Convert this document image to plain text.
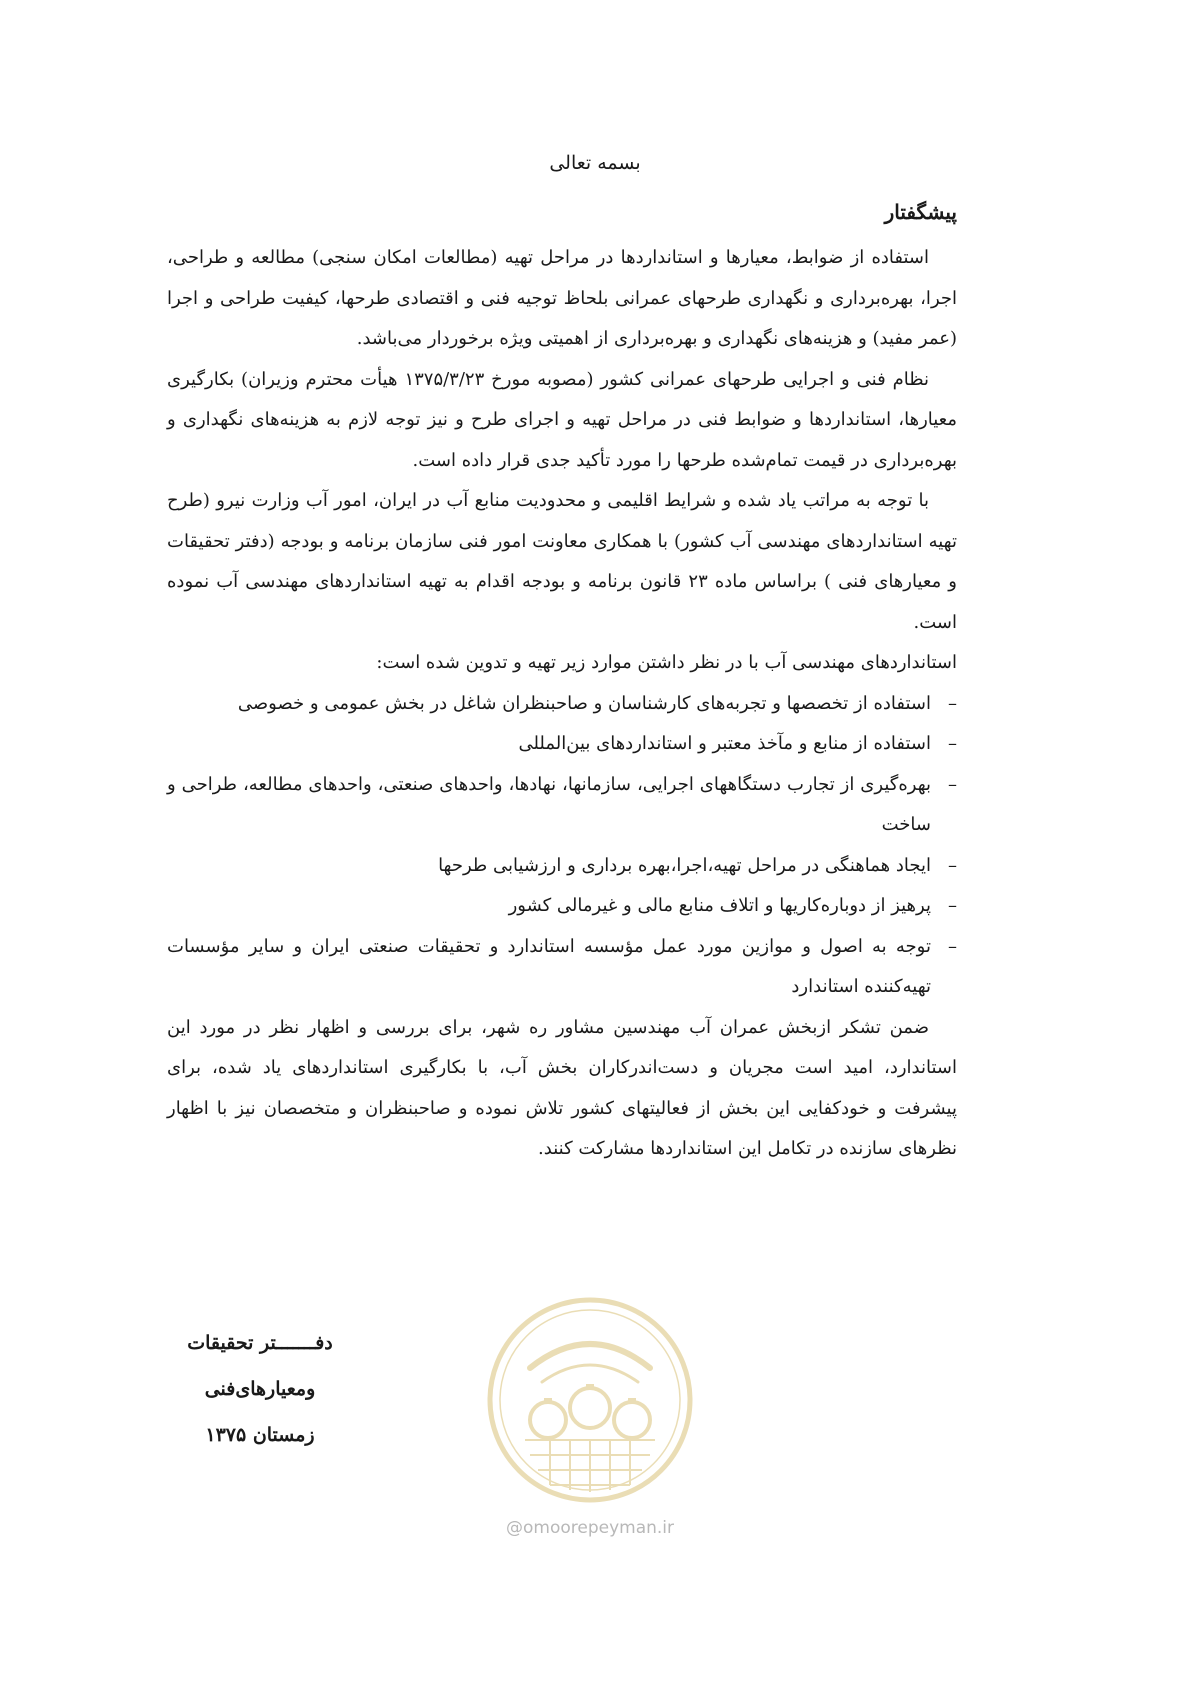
بسمه تعالی
پیشگفتار

استفاده از ضوابط، معیارها و استانداردها در مراحل تهیه (مطالعات امکان سنجی) مطالعه و طراحی، اجرا، بهره‌برداری و نگهداری طرحهای عمرانی بلحاظ توجیه فنی و اقتصادی طرحها، کیفیت طراحی و اجرا (عمر مفید) و هزینه‌های نگهداری و بهره‌برداری از اهمیتی ویژه برخوردار می‌باشد.

نظام فنی و اجرایی طرحهای عمرانی کشور (مصوبه مورخ ۱۳۷۵/۳/۲۳ هیأت محترم وزیران) بکارگیری معیارها، استانداردها و ضوابط فنی در مراحل تهیه و اجرای طرح و نیز توجه لازم به هزینه‌های نگهداری و بهره‌برداری در قیمت تمام‌شده طرحها را مورد تأکید جدی قرار داده است.

با توجه به مراتب یاد شده و شرایط اقلیمی و محدودیت منابع آب در ایران، امور آب وزارت نیرو (طرح تهیه استانداردهای مهندسی آب کشور) با همکاری معاونت امور فنی سازمان برنامه و بودجه (دفتر تحقیقات و معیارهای فنی ) براساس ماده ۲۳ قانون برنامه و بودجه اقدام به تهیه استانداردهای مهندسی آب نموده است.

استانداردهای مهندسی آب با در نظر داشتن موارد زیر تهیه و تدوین شده است:

–
استفاده از تخصصها و تجربه‌های کارشناسان و صاحبنظران شاغل در بخش عمومی و خصوصی
–
استفاده از منابع و مآخذ معتبر و استانداردهای بین‌المللی
–
بهره‌گیری از تجارب دستگاههای اجرایی، سازمانها، نهادها، واحدهای صنعتی، واحدهای مطالعه، طراحی و ساخت
–
ایجاد هماهنگی در مراحل تهیه،اجرا،بهره برداری و ارزشیابی طرحها
–
پرهیز از دوباره‌کاریها و اتلاف منابع مالی و غیرمالی کشور
–
توجه به اصول و موازین مورد عمل مؤسسه استاندارد و تحقیقات صنعتی ایران و سایر مؤسسات تهیه‌کننده استاندارد

ضمن تشکر ازبخش عمران آب مهندسین مشاور ره شهر، برای بررسی و اظهار نظر در مورد این استاندارد، امید است مجریان و دست‌اندرکاران بخش آب، با بکارگیری استانداردهای یاد شده، برای پیشرفت و خودکفایی این بخش از فعالیتهای کشور تلاش نموده و صاحبنظران و متخصصان نیز با اظهار نظرهای سازنده در تکامل این استانداردها مشارکت کنند.

دفـــــــتر تحقیقات
ومعیارهای‌فنی
زمستان ۱۳۷۵
@omoorepeyman.ir
